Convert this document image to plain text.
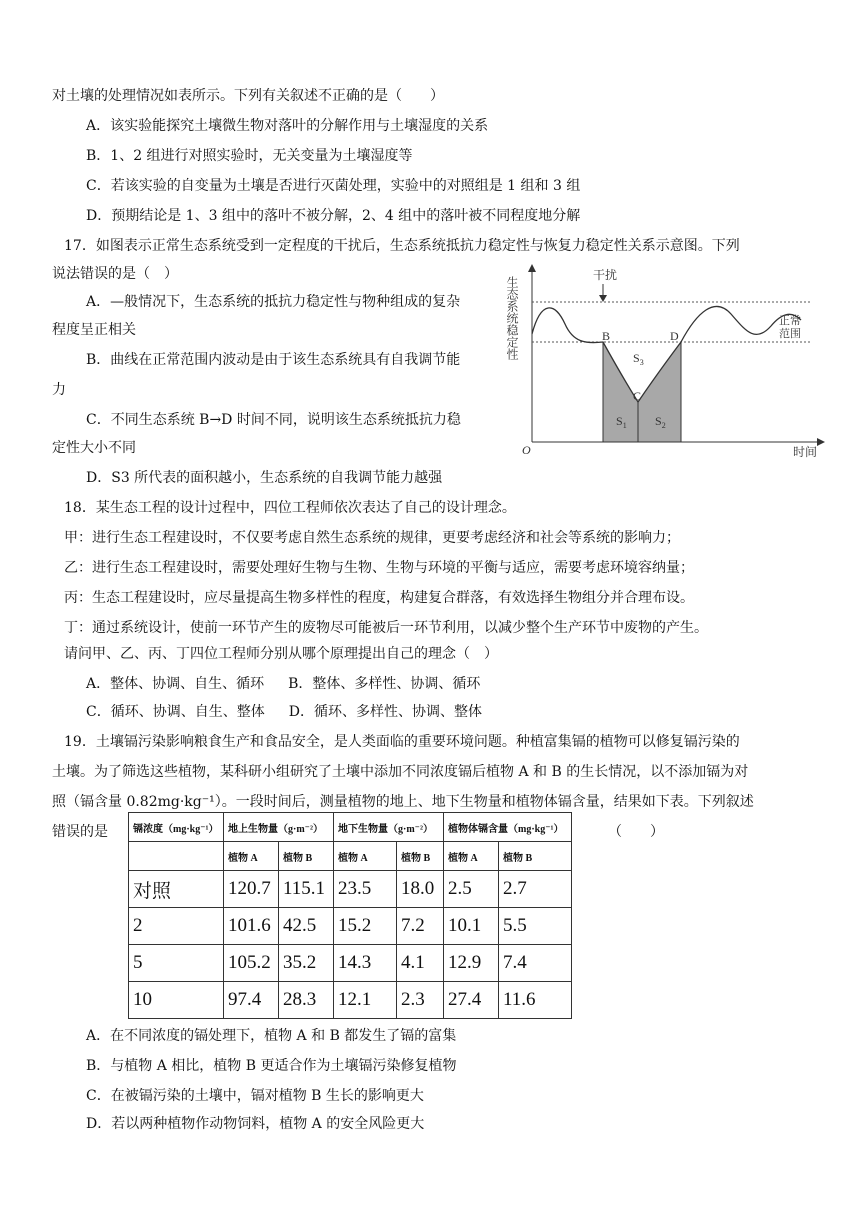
对土壤的处理情况如表所示。下列有关叙述不正确的是（　　）
A．该实验能探究土壤微生物对落叶的分解作用与土壤湿度的关系
B．1、2 组进行对照实验时，无关变量为土壤湿度等
C．若该实验的自变量为土壤是否进行灭菌处理，实验中的对照组是 1 组和 3 组
D．预期结论是 1、3 组中的落叶不被分解，2、4 组中的落叶被不同程度地分解
17．如图表示正常生态系统受到一定程度的干扰后，生态系统抵抗力稳定性与恢复力稳定性关系示意图。下列
说法错误的是（　）
A．—般情况下，生态系统的抵抗力稳定性与物种组成的复杂
程度呈正相关
B．曲线在正常范围内波动是由于该生态系统具有自我调节能
力
C．不同生态系统 B→D 时间不同，说明该生态系统抵抗力稳
定性大小不同
D．S3 所代表的面积越小，生态系统的自我调节能力越强
干扰
生态系统稳定性
时间
O
B
C
D
正常
范围
$S_3$
$S_1$ $S_2$
18．某生态工程的设计过程中，四位工程师依次表达了自己的设计理念。
甲：进行生态工程建设时，不仅要考虑自然生态系统的规律，更要考虑经济和社会等系统的影响力；
乙：进行生态工程建设时，需要处理好生物与生物、生物与环境的平衡与适应，需要考虑环境容纳量；
丙：生态工程建设时，应尽量提高生物多样性的程度，构建复合群落，有效选择生物组分并合理布设。
丁：通过系统设计，使前一环节产生的废物尽可能被后一环节利用，以减少整个生产环节中废物的产生。
请问甲、乙、丙、丁四位工程师分别从哪个原理提出自己的理念（　）
A．整体、协调、自生、循环 B．整体、多样性、协调、循环
C．循环、协调、自生、整体 D．循环、多样性、协调、整体
19．土壤镉污染影响粮食生产和食品安全，是人类面临的重要环境问题。种植富集镉的植物可以修复镉污染的
土壤。为了筛选这些植物，某科研小组研究了土壤中添加不同浓度镉后植物 A 和 B 的生长情况，以不添加镉为对
照（镉含量 0.82mg·kg⁻¹）。一段时间后，测量植物的地上、地下生物量和植物体镉含量，结果如下表。下列叙述
错误的是	（　　）
镉浓度（mg·kg⁻¹）	地上生物量（g·m⁻²）		地下生物量（g·m⁻²）		植物体镉含量（mg·kg⁻¹）	
	植物 A	植物 B	植物 A	植物 B	植物 A	植物 B
对照	120.7	115.1	23.5	18.0	2.5	2.7
2	101.6	42.5	15.2	7.2	10.1	5.5
5	105.2	35.2	14.3	4.1	12.9	7.4
10	97.4	28.3	12.1	2.3	27.4	11.6
A．在不同浓度的镉处理下，植物 A 和 B 都发生了镉的富集
B．与植物 A 相比，植物 B 更适合作为土壤镉污染修复植物
C．在被镉污染的土壤中，镉对植物 B 生长的影响更大
D．若以两种植物作动物饲料，植物 A 的安全风险更大
